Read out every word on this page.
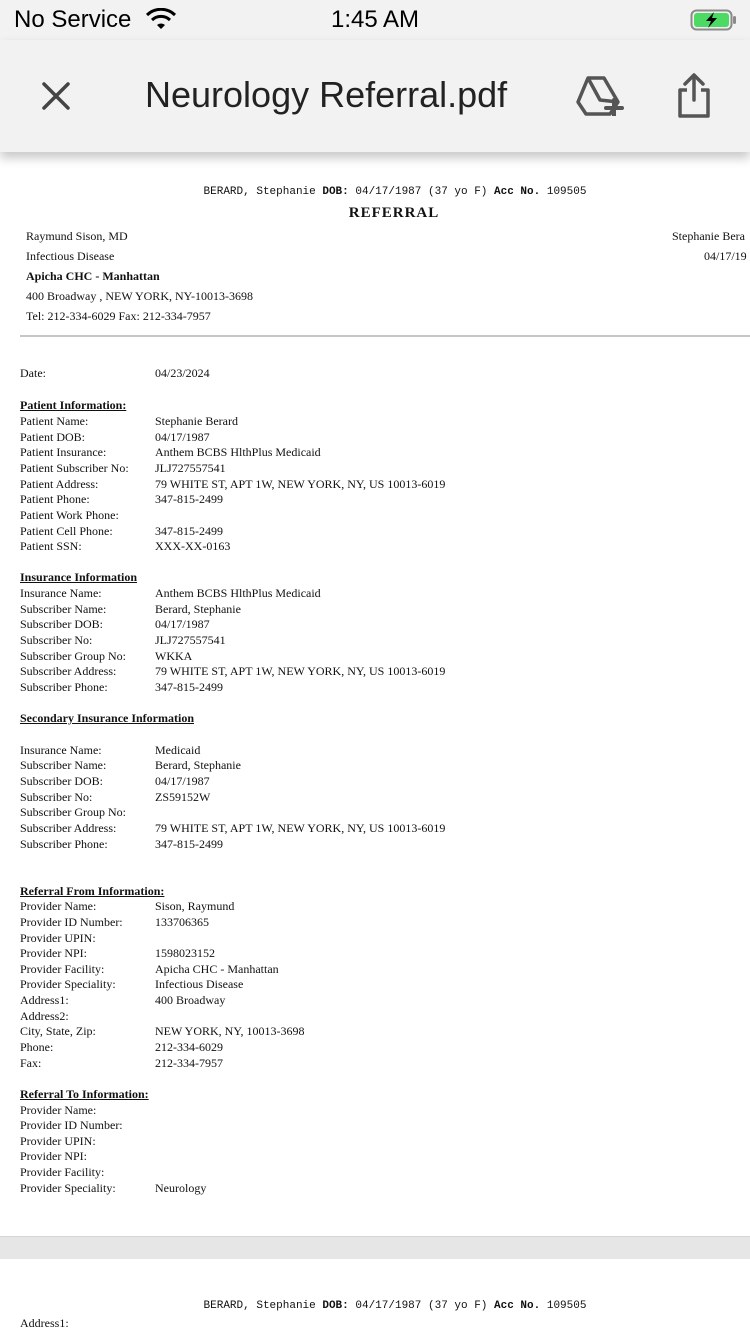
No Service	1:45 AM
Neurology Referral.pdf
BERARD, Stephanie DOB: 04/17/1987 (37 yo F) Acc No. 109505
REFERRAL
Raymund Sison, MD
Infectious Disease
Apicha CHC - Manhattan
400 Broadway , NEW YORK, NY-10013-3698
Tel: 212-334-6029 Fax: 212-334-7957
Stephanie Bera
04/17/19
Date:	04/23/2024
Patient Information:
Patient Name:	Stephanie Berard
Patient DOB:	04/17/1987
Patient Insurance:	Anthem BCBS HlthPlus Medicaid
Patient Subscriber No: JLJ727557541
Patient Address:	79 WHITE ST, APT 1W, NEW YORK, NY, US 10013-6019
Patient Phone:	347-815-2499
Patient Work Phone:
Patient Cell Phone:	347-815-2499
Patient SSN:	XXX-XX-0163
Insurance Information
Insurance Name:	Anthem BCBS HlthPlus Medicaid
Subscriber Name:	Berard, Stephanie
Subscriber DOB:	04/17/1987
Subscriber No:	JLJ727557541
Subscriber Group No: WKKA
Subscriber Address:	79 WHITE ST, APT 1W, NEW YORK, NY, US 10013-6019
Subscriber Phone:	347-815-2499
Secondary Insurance Information
Insurance Name:	Medicaid
Subscriber Name:	Berard, Stephanie
Subscriber DOB:	04/17/1987
Subscriber No:	ZS59152W
Subscriber Group No:
Subscriber Address:	79 WHITE ST, APT 1W, NEW YORK, NY, US 10013-6019
Subscriber Phone:	347-815-2499
Referral From Information:
Provider Name:	Sison, Raymund
Provider ID Number:	133706365
Provider UPIN:
Provider NPI:	1598023152
Provider Facility:	Apicha CHC - Manhattan
Provider Speciality:	Infectious Disease
Address1:	400 Broadway
Address2:
City, State, Zip:	NEW YORK, NY, 10013-3698
Phone:	212-334-6029
Fax:	212-334-7957
Referral To Information:
Provider Name:
Provider ID Number:
Provider UPIN:
Provider NPI:
Provider Facility:
Provider Speciality:	Neurology
BERARD, Stephanie DOB: 04/17/1987 (37 yo F) Acc No. 109505
Address1:
